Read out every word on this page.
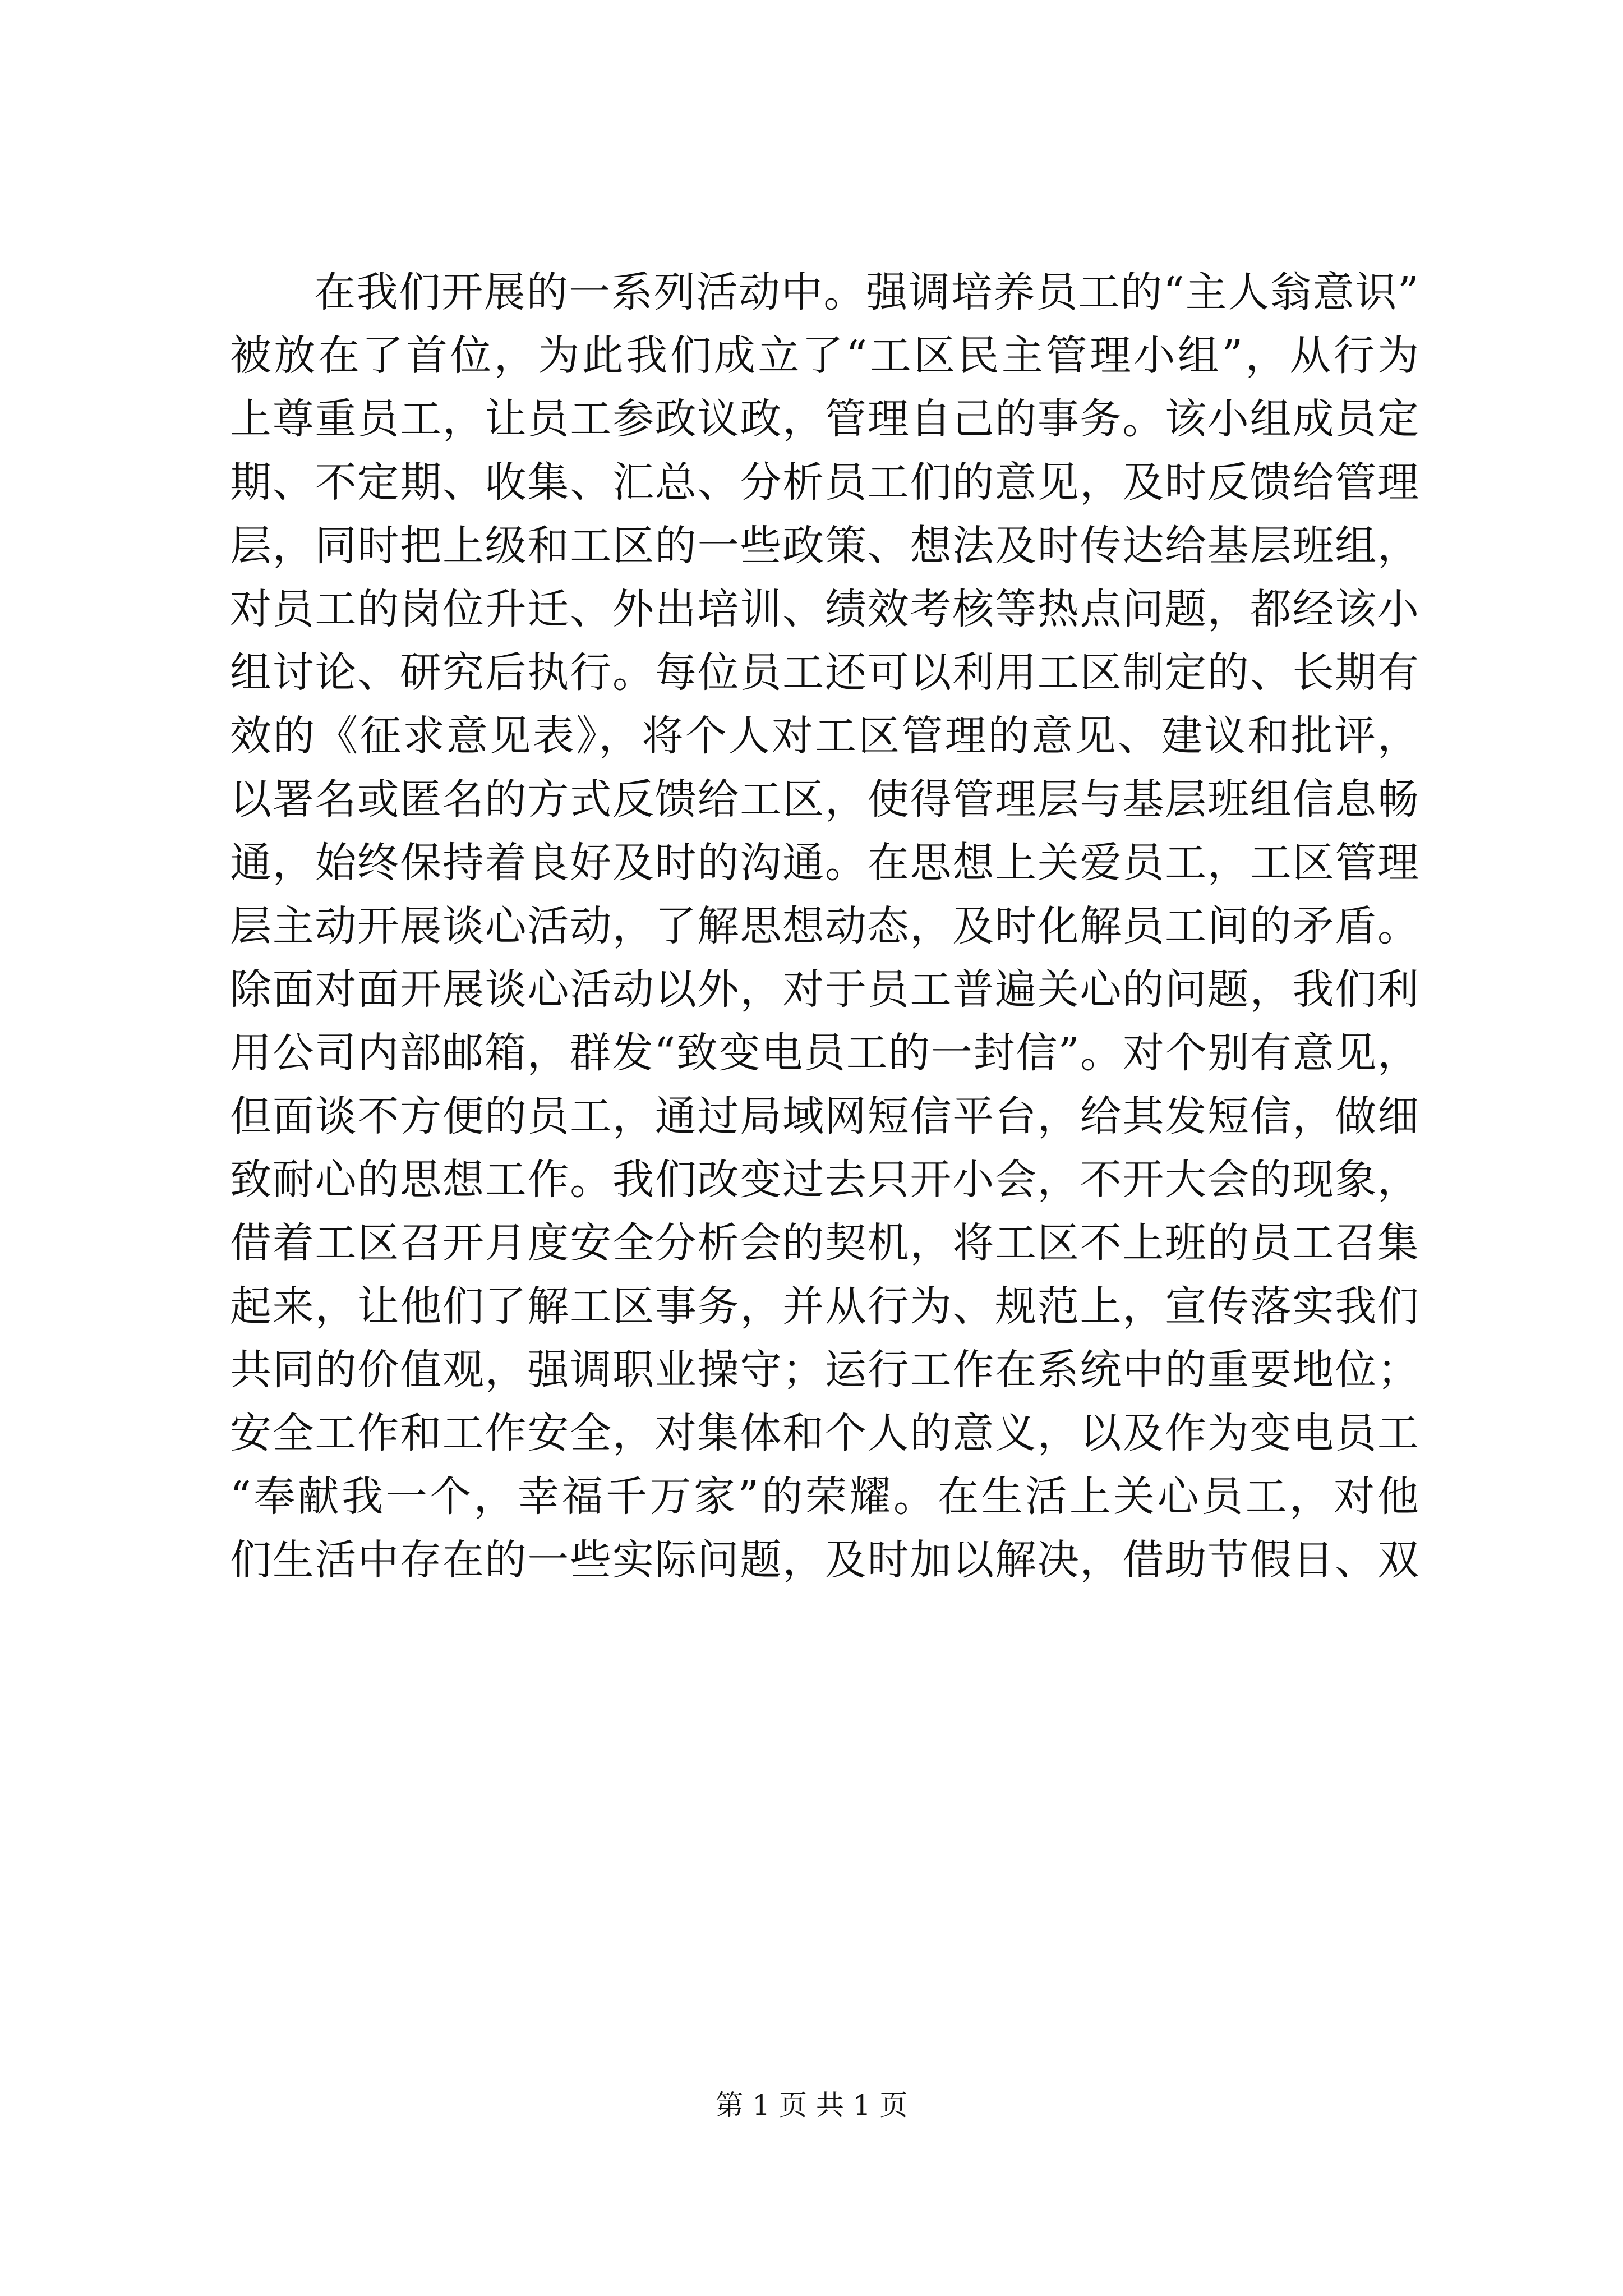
在我们开展的一系列活动中。强调培养员工的“主人翁意识”
被放在了首位，为此我们成立了“工区民主管理小组”，从行为
上尊重员工，让员工参政议政，管理自己的事务。该小组成员定
期、不定期、收集、汇总、分析员工们的意见，及时反馈给管理
层，同时把上级和工区的一些政策、想法及时传达给基层班组，
对员工的岗位升迁、外出培训、绩效考核等热点问题，都经该小
组讨论、研究后执行。每位员工还可以利用工区制定的、长期有
效的《征求意见表》，将个人对工区管理的意见、建议和批评，
以署名或匿名的方式反馈给工区，使得管理层与基层班组信息畅
通，始终保持着良好及时的沟通。在思想上关爱员工，工区管理
层主动开展谈心活动，了解思想动态，及时化解员工间的矛盾。
除面对面开展谈心活动以外，对于员工普遍关心的问题，我们利
用公司内部邮箱，群发“致变电员工的一封信”。对个别有意见，
但面谈不方便的员工，通过局域网短信平台，给其发短信，做细
致耐心的思想工作。我们改变过去只开小会，不开大会的现象，
借着工区召开月度安全分析会的契机，将工区不上班的员工召集
起来，让他们了解工区事务，并从行为、规范上，宣传落实我们
共同的价值观，强调职业操守；运行工作在系统中的重要地位；
安全工作和工作安全，对集体和个人的意义，以及作为变电员工
“奉献我一个，幸福千万家”的荣耀。在生活上关心员工，对他
们生活中存在的一些实际问题，及时加以解决，借助节假日、双
第 1 页 共 1 页
